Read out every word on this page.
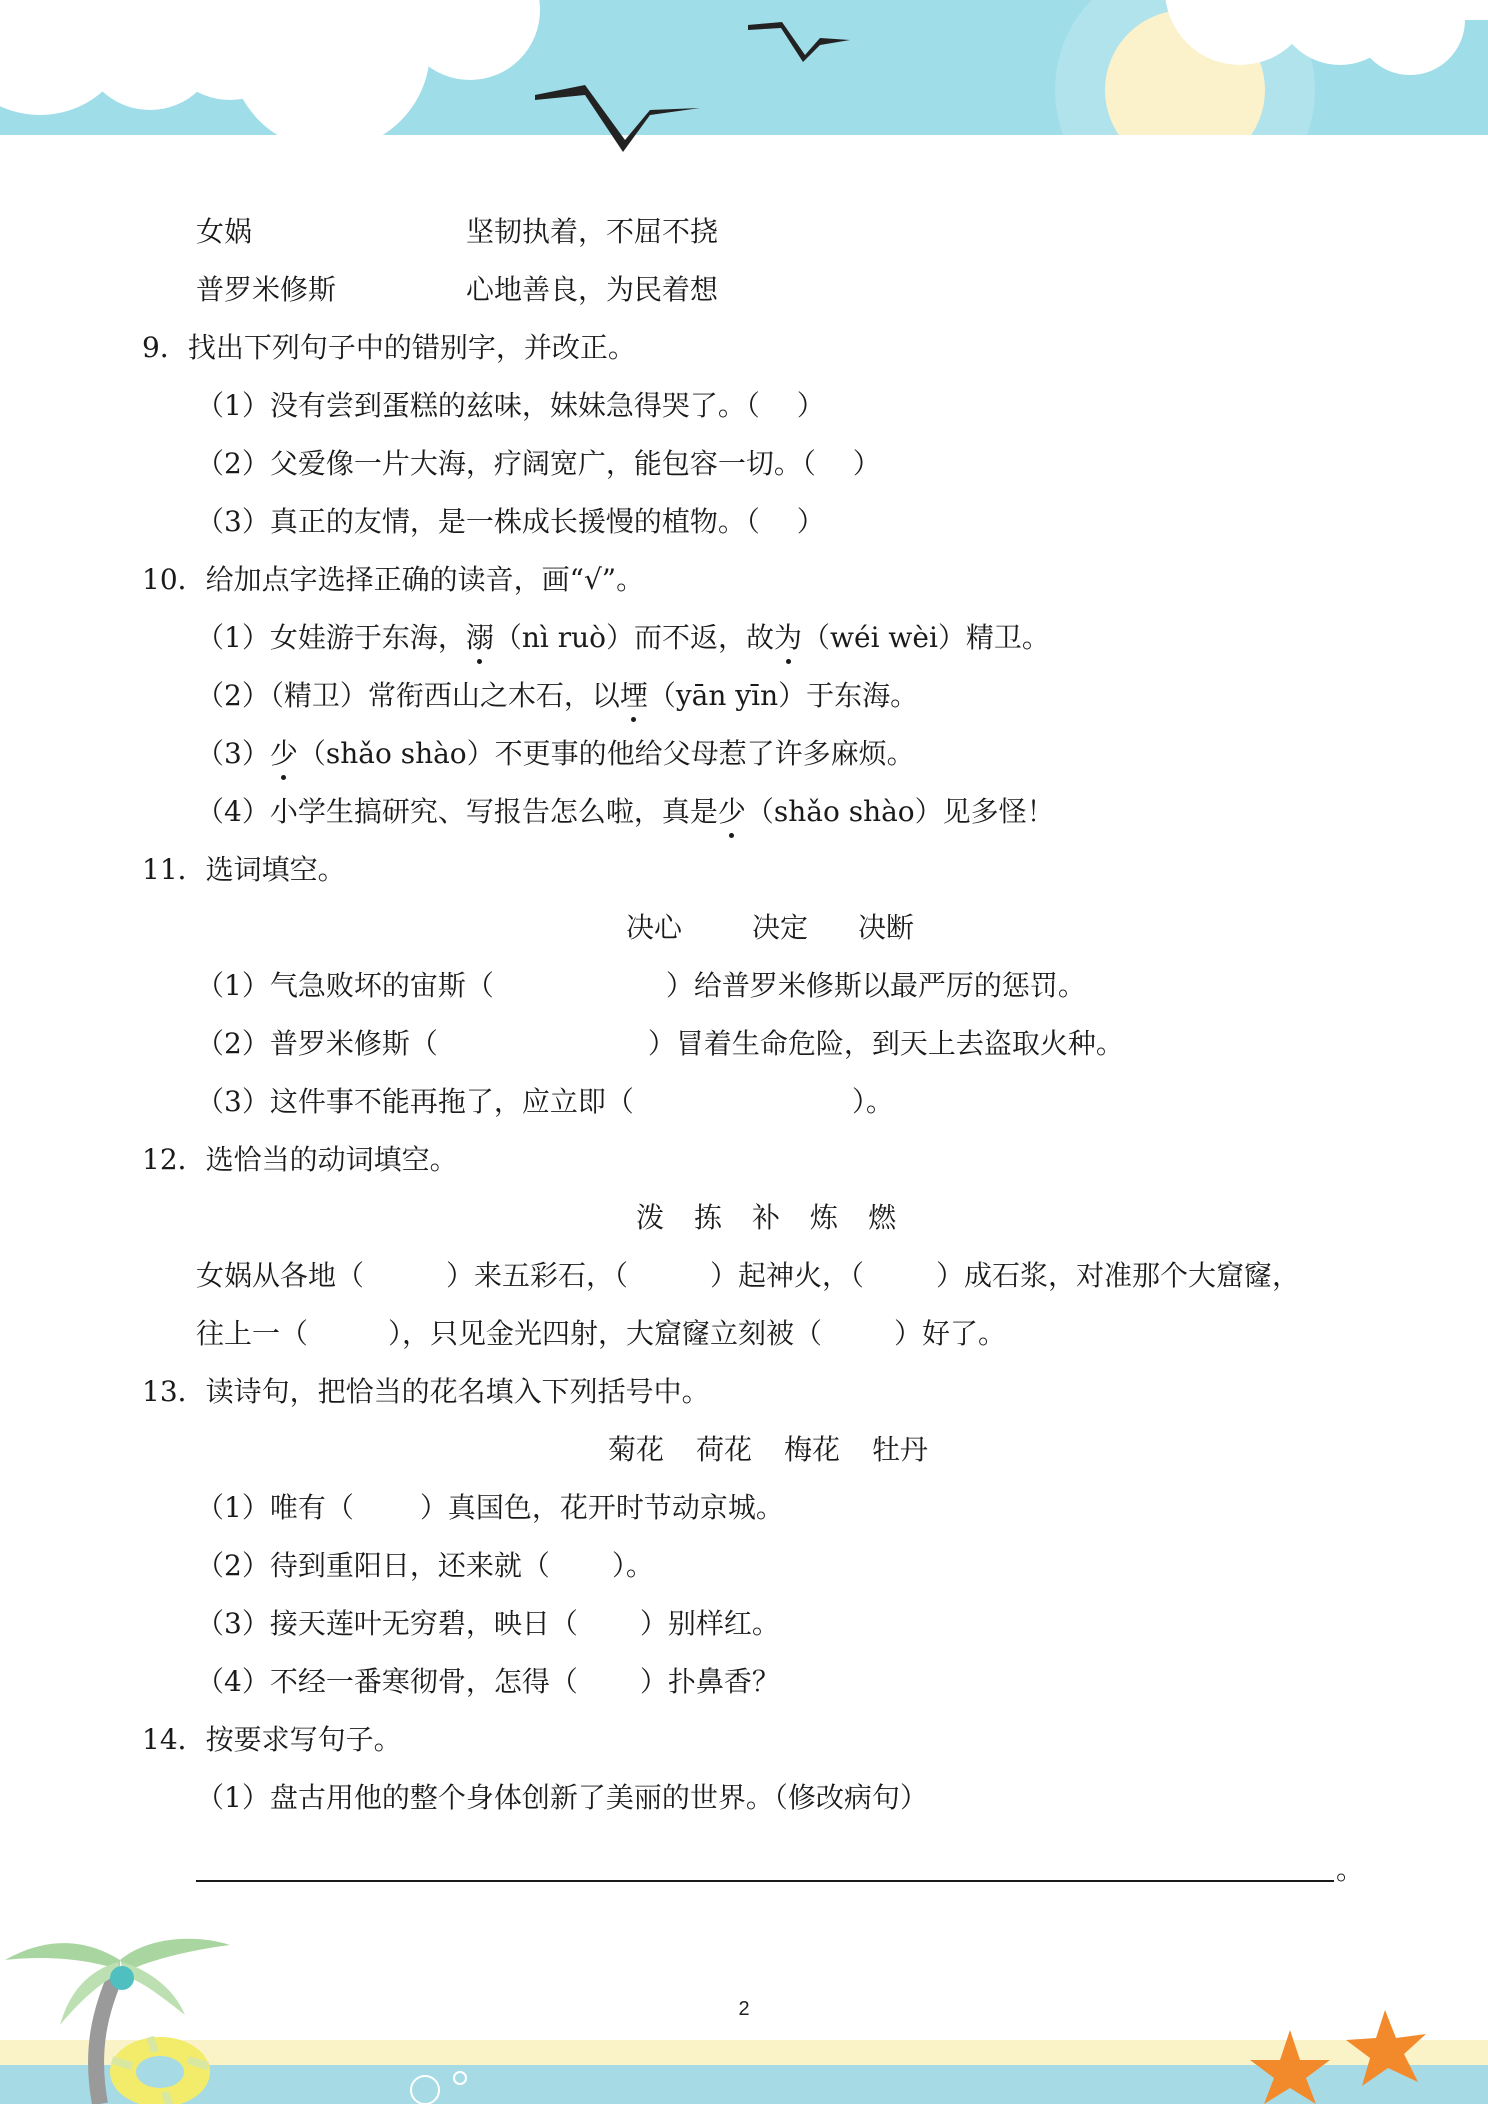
女娲	坚韧执着，不屈不挠
普罗米修斯	心地善良，为民着想
9．找出下列句子中的错别字，并改正。
（1）没有尝到蛋糕的兹味，妹妹急得哭了。（　 ）
（2）父爱像一片大海，疗阔宽广，能包容一切。（　 ）
（3）真正的友情，是一株成长援慢的植物。（　 ）
10．给加点字选择正确的读音，画“√”。
（1）女娃游于东海，溺（nì ruò）而不返，故为（wéi wèi）精卫。
（2）（精卫）常衔西山之木石，以堙（yān yīn）于东海。
（3）少（shǎo shào）不更事的他给父母惹了许多麻烦。
（4）小学生搞研究、写报告怎么啦，真是少（shǎo shào）见多怪！
11．选词填空。
决心	决定 决断
（1）气急败坏的宙斯（	）给普罗米修斯以最严厉的惩罚。
（2）普罗米修斯（	）冒着生命危险，到天上去盗取火种。
（3）这件事不能再拖了，应立即（	）。
12．选恰当的动词填空。
泼 拣 补 炼 燃
女娲从各地（	）来五彩石，（	）起神火，（	）成石浆，对准那个大窟窿，
往上一（	），只见金光四射，大窟窿立刻被（	）好了。
13．读诗句，把恰当的花名填入下列括号中。
菊花 荷花 梅花 牡丹
（1）唯有（ ）真国色，花开时节动京城。
（2）待到重阳日，还来就（ ）。
（3）接天莲叶无穷碧，映日（ ）别样红。
（4）不经一番寒彻骨，怎得（ ）扑鼻香？
14．按要求写句子。
（1）盘古用他的整个身体创新了美丽的世界。（修改病句）
。
2
